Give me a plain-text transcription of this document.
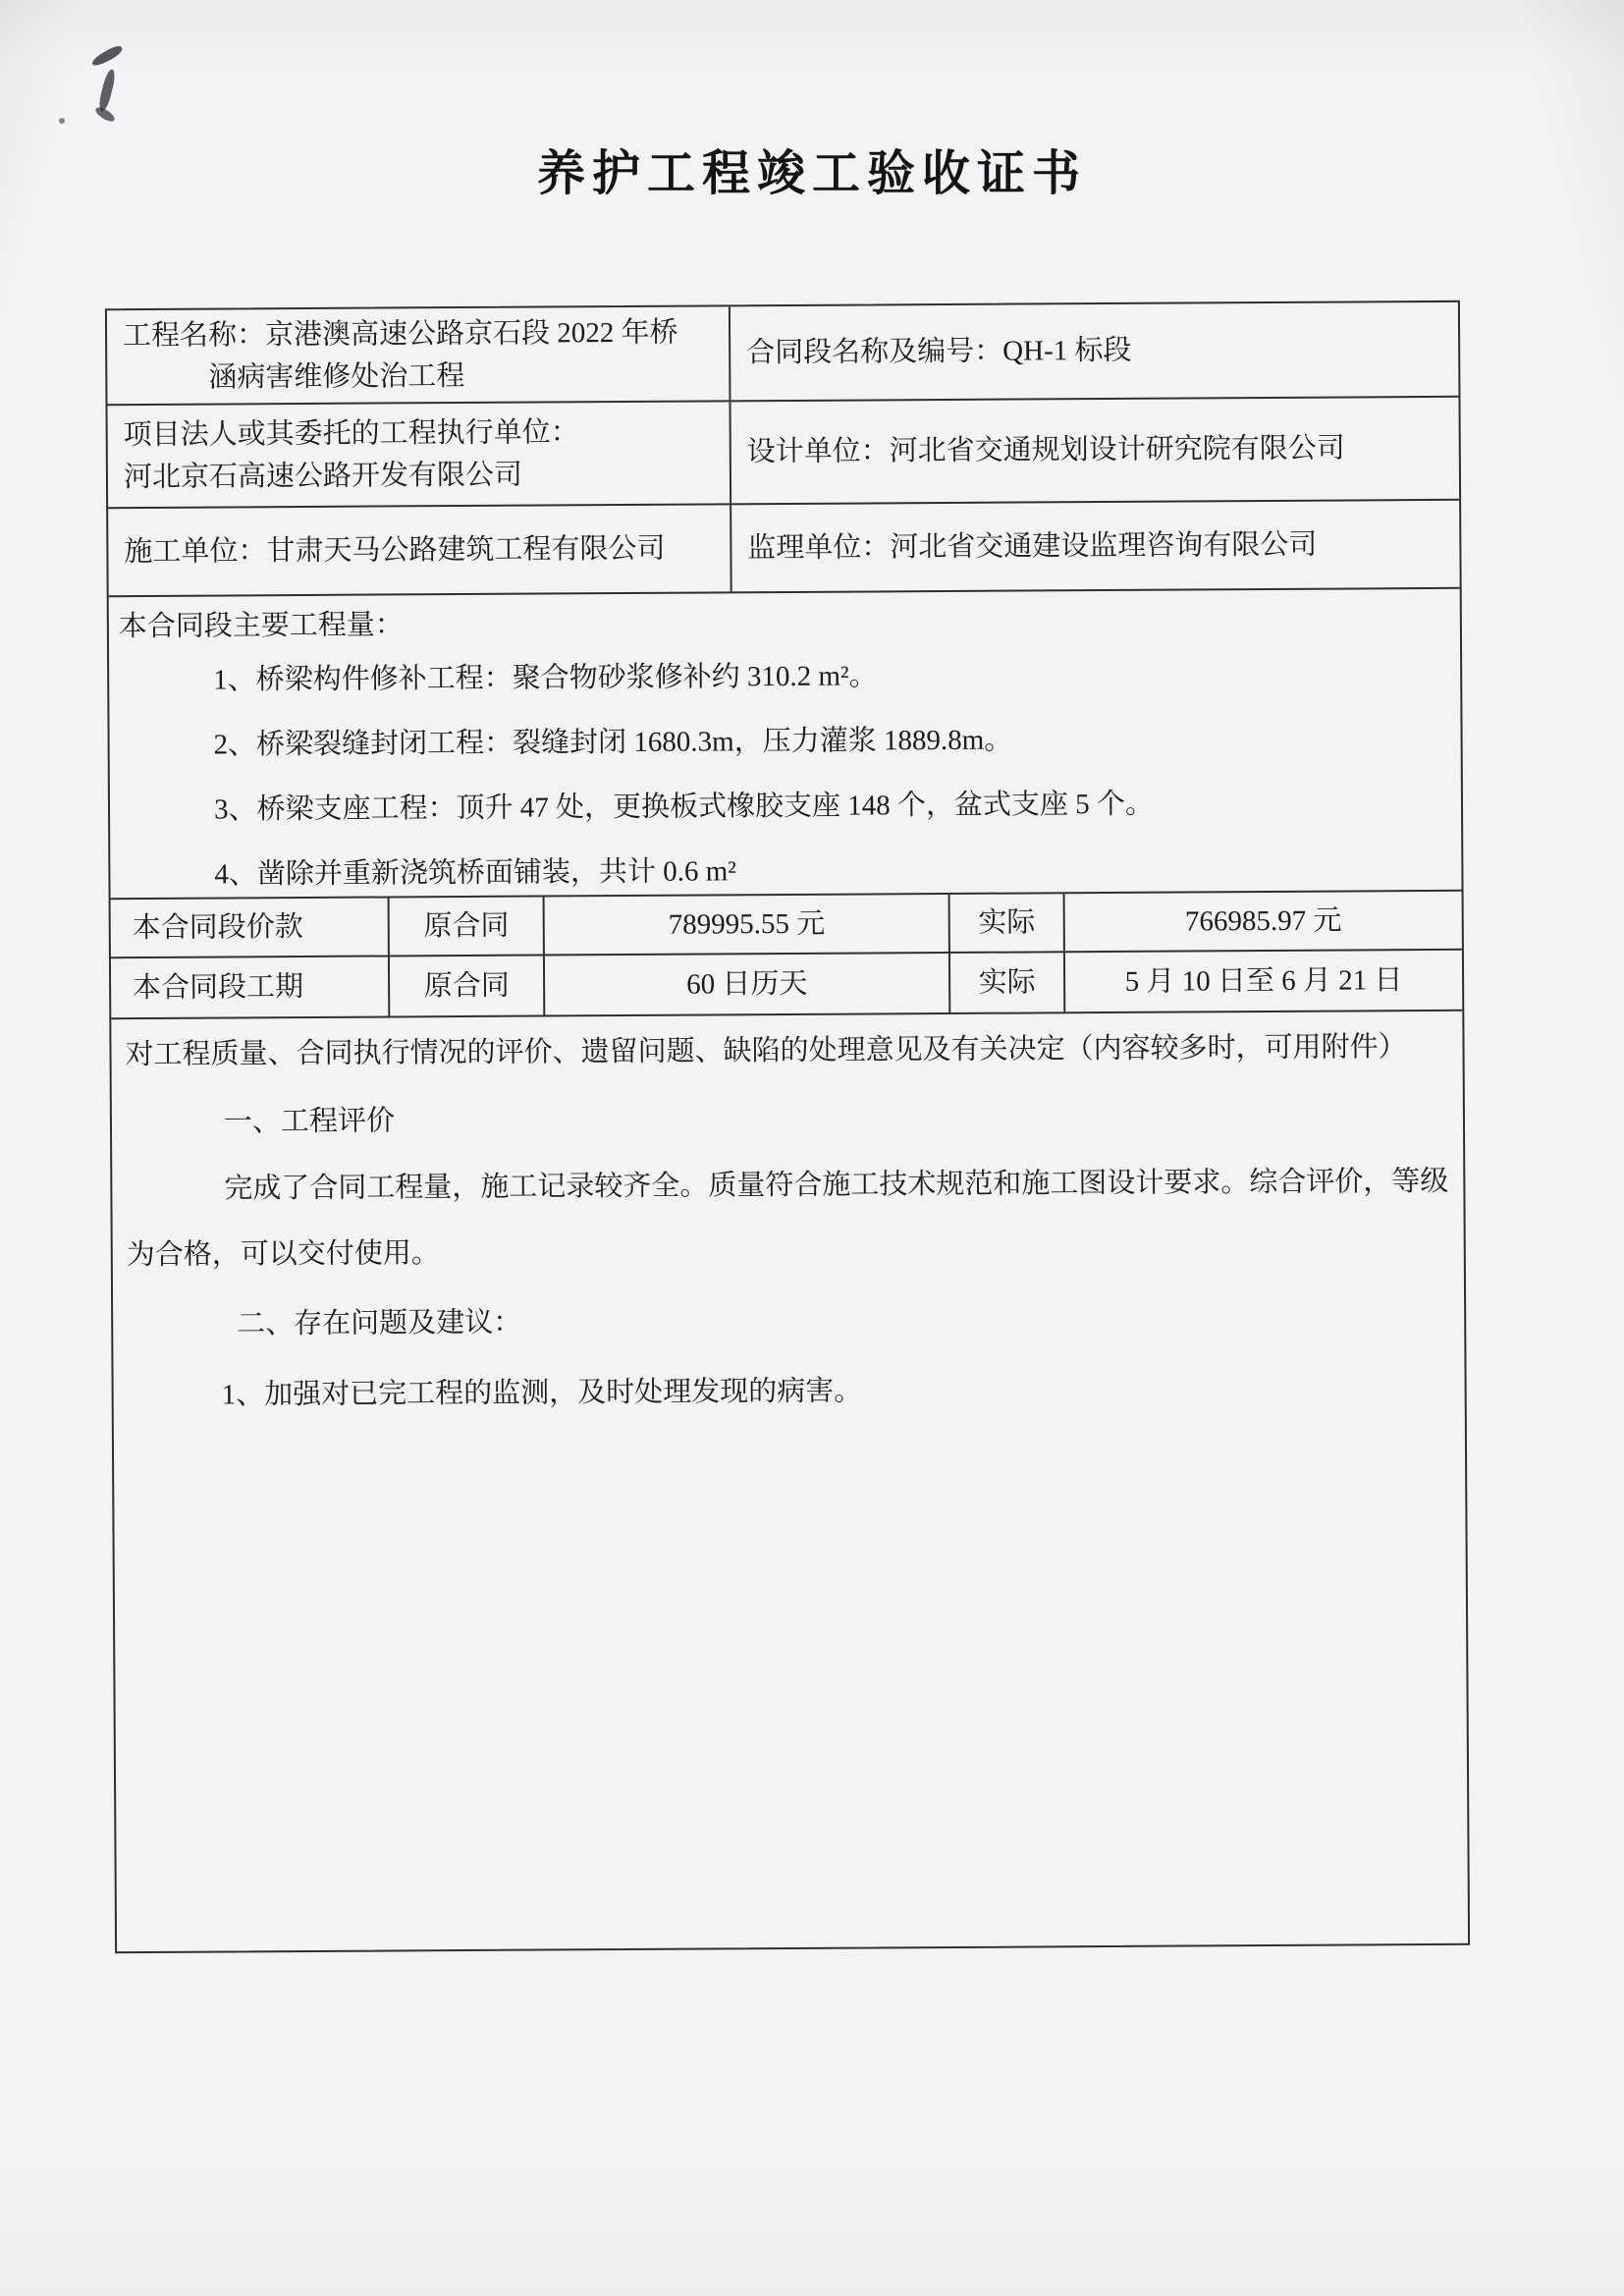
养护工程竣工验收证书
工程名称：京港澳高速公路京石段 2022 年桥
　　　涵病害维修处治工程
合同段名称及编号：QH-1 标段
项目法人或其委托的工程执行单位：
河北京石高速公路开发有限公司
设计单位：河北省交通规划设计研究院有限公司
施工单位：甘肃天马公路建筑工程有限公司	监理单位：河北省交通建设监理咨询有限公司

本合同段主要工程量：

1、桥梁构件修补工程：聚合物砂浆修补约 310.2 m²。

2、桥梁裂缝封闭工程：裂缝封闭 1680.3m，压力灌浆 1889.8m。

3、桥梁支座工程：顶升 47 处，更换板式橡胶支座 148 个，盆式支座 5 个。

4、凿除并重新浇筑桥面铺装，共计 0.6 m²

本合同段价款	原合同	789995.55 元	实际	766985.97 元
本合同段工期	原合同	60 日历天	实际	5 月 10 日至 6 月 21 日

对工程质量、合同执行情况的评价、遗留问题、缺陷的处理意见及有关决定（内容较多时，可用附件）

一、工程评价

完成了合同工程量，施工记录较齐全。质量符合施工技术规范和施工图设计要求。综合评价，等级为合格，可以交付使用。

二、存在问题及建议：

1、加强对已完工程的监测，及时处理发现的病害。
